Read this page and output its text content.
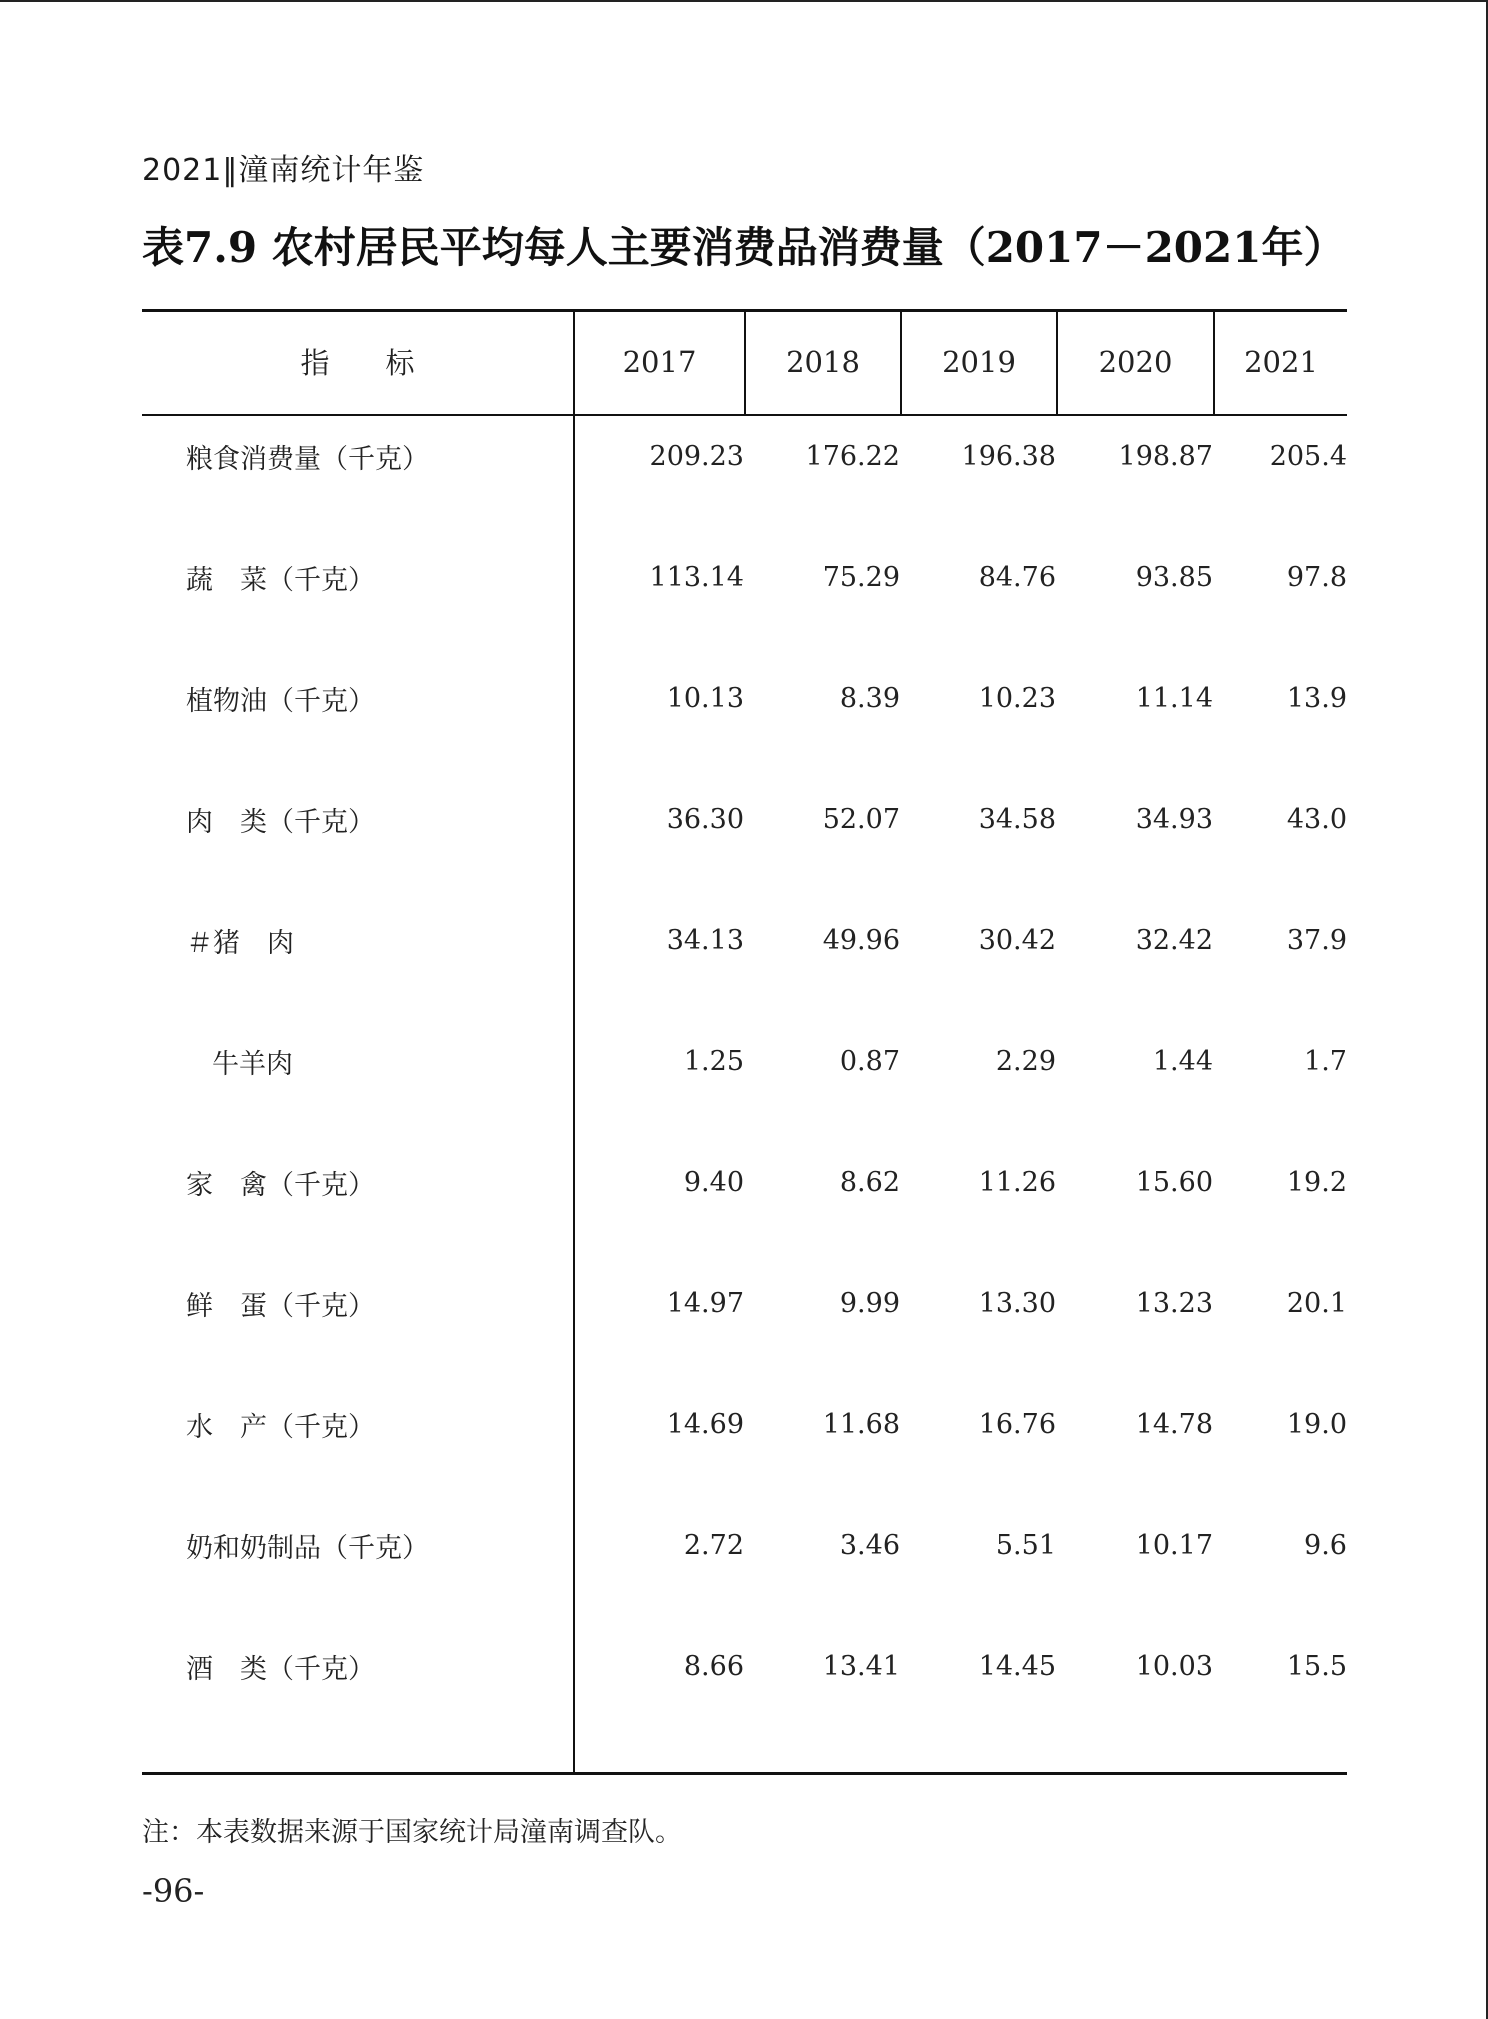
2021‖潼南统计年鉴
表7.9 农村居民平均每人主要消费品消费量（2017－2021年）
指标	2017	2018	2019	2020	2021
粮食消费量（千克）	209.23	176.22	196.38	198.87	205.4
蔬　菜（千克）	113.14	75.29	84.76	93.85	97.8
植物油（千克）	10.13	8.39	10.23	11.14	13.9
肉　类（千克）	36.30	52.07	34.58	34.93	43.0
＃猪　肉	34.13	49.96	30.42	32.42	37.9
牛羊肉	1.25	0.87	2.29	1.44	1.7
家　禽（千克）	9.40	8.62	11.26	15.60	19.2
鲜　蛋（千克）	14.97	9.99	13.30	13.23	20.1
水　产（千克）	14.69	11.68	16.76	14.78	19.0
奶和奶制品（千克）	2.72	3.46	5.51	10.17	9.6
酒　类（千克）	8.66	13.41	14.45	10.03	15.5
注：本表数据来源于国家统计局潼南调查队。
-96-
